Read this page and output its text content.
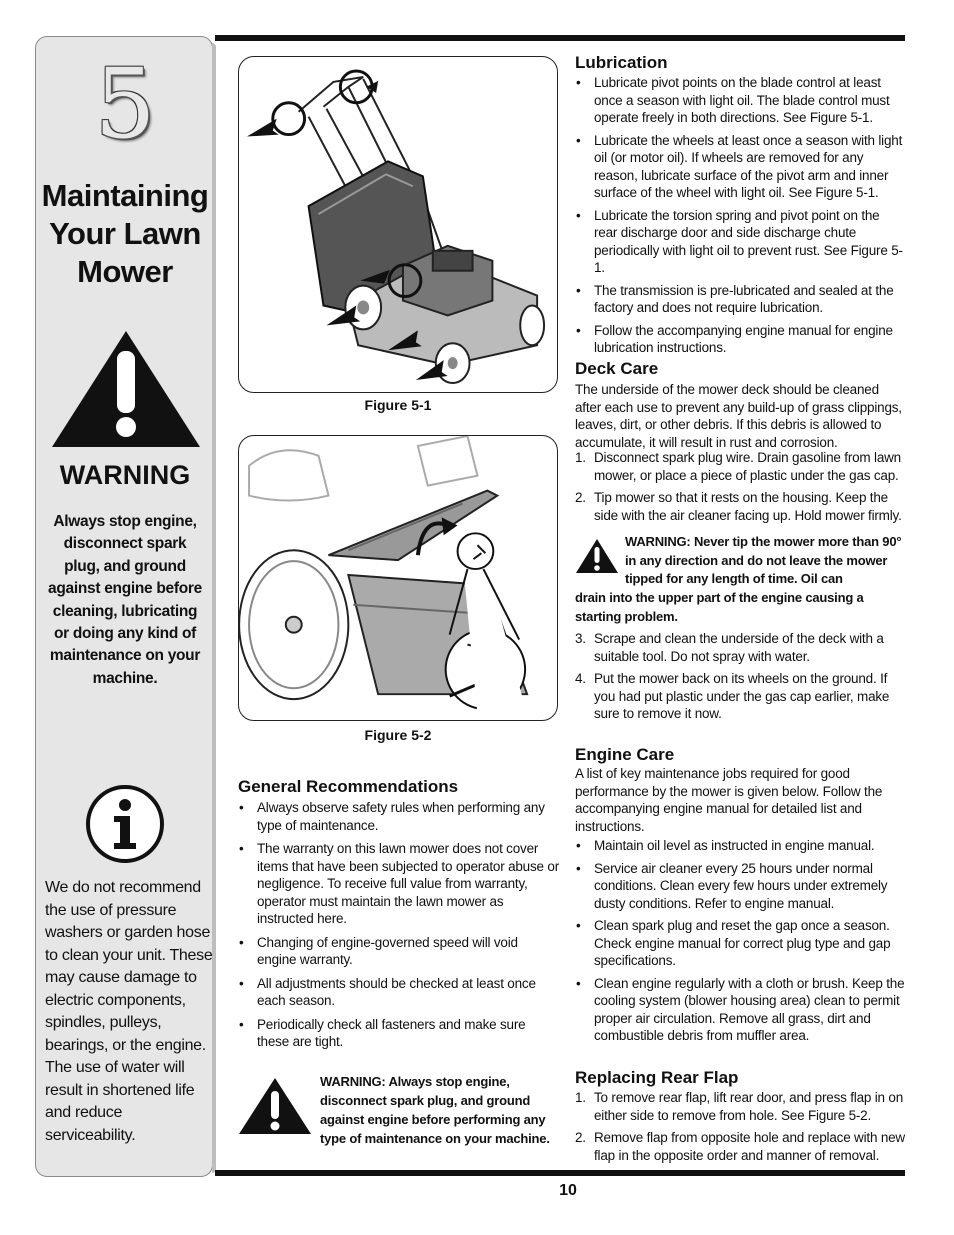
5
Maintaining
Your Lawn
Mower
WARNING
Always stop engine, disconnect spark plug, and ground against engine before cleaning, lubricating or doing any kind of maintenance on your machine.
We do not recommend the use of pressure washers or garden hose to clean your unit. These may cause damage to electric components, spindles, pulleys, bearings, or the engine. The use of water will result in shortened life and reduce serviceability.
Figure 5-1
Figure 5-2
General Recommendations
• Always observe safety rules when performing any type of maintenance.
• The warranty on this lawn mower does not cover items that have been subjected to operator abuse or negligence. To receive full value from warranty, operator must maintain the lawn mower as instructed here.
• Changing of engine-governed speed will void engine warranty.
• All adjustments should be checked at least once each season.
• Periodically check all fasteners and make sure these are tight.
WARNING: Always stop engine, disconnect spark plug, and ground against engine before performing any type of maintenance on your machine.
Lubrication
• Lubricate pivot points on the blade control at least once a season with light oil. The blade control must operate freely in both directions. See Figure 5-1.
• Lubricate the wheels at least once a season with light oil (or motor oil). If wheels are removed for any reason, lubricate surface of the pivot arm and inner surface of the wheel with light oil. See Figure 5-1.
• Lubricate the torsion spring and pivot point on the rear discharge door and side discharge chute periodically with light oil to prevent rust. See Figure 5-1.
• The transmission is pre-lubricated and sealed at the factory and does not require lubrication.
• Follow the accompanying engine manual for engine lubrication instructions.
Deck Care

The underside of the mower deck should be cleaned after each use to prevent any build-up of grass clippings, leaves, dirt, or other debris. If this debris is allowed to accumulate, it will result in rust and corrosion.

1. Disconnect spark plug wire. Drain gasoline from lawn mower, or place a piece of plastic under the gas cap.
2. Tip mower so that it rests on the housing. Keep the side with the air cleaner facing up. Hold mower firmly.
WARNING: Never tip the mower more than 90° in any direction and do not leave the mower tipped for any length of time. Oil can
drain into the upper part of the engine causing a starting problem.
3. Scrape and clean the underside of the deck with a suitable tool. Do not spray with water.
4. Put the mower back on its wheels on the ground. If you had put plastic under the gas cap earlier, make sure to remove it now.
Engine Care

A list of key maintenance jobs required for good performance by the mower is given below. Follow the accompanying engine manual for detailed list and instructions.

• Maintain oil level as instructed in engine manual.
• Service air cleaner every 25 hours under normal conditions. Clean every few hours under extremely dusty conditions. Refer to engine manual.
• Clean spark plug and reset the gap once a season. Check engine manual for correct plug type and gap specifications.
• Clean engine regularly with a cloth or brush. Keep the cooling system (blower housing area) clean to permit proper air circulation. Remove all grass, dirt and combustible debris from muffler area.
Replacing Rear Flap
1. To remove rear flap, lift rear door, and press flap in on either side to remove from hole. See Figure 5-2.
2. Remove flap from opposite hole and replace with new flap in the opposite order and manner of removal.
10
